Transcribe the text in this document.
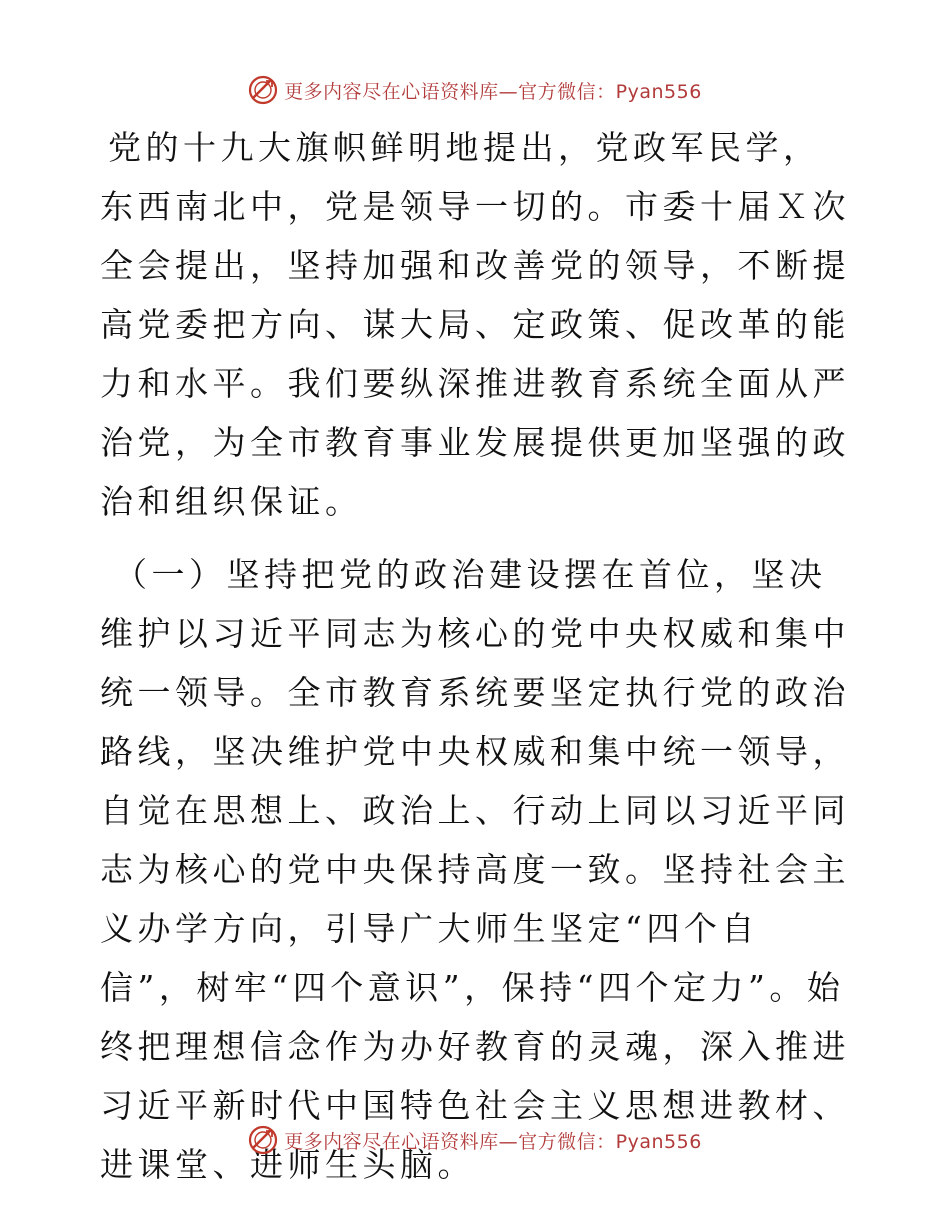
更多内容尽在心语资料库—官方微信：Pyan556

党的十九大旗帜鲜明地提出，党政军民学，东西南北中，党是领导一切的。市委十届Ｘ次全会提出，坚持加强和改善党的领导，不断提高党委把方向、谋大局、定政策、促改革的能力和水平。我们要纵深推进教育系统全面从严治党，为全市教育事业发展提供更加坚强的政治和组织保证。

（一）坚持把党的政治建设摆在首位，坚决维护以习近平同志为核心的党中央权威和集中统一领导。全市教育系统要坚定执行党的政治路线，坚决维护党中央权威和集中统一领导，自觉在思想上、政治上、行动上同以习近平同志为核心的党中央保持高度一致。坚持社会主义办学方向，引导广大师生坚定“四个自信”，树牢“四个意识”，保持“四个定力”。始终把理想信念作为办好教育的灵魂，深入推进习近平新时代中国特色社会主义思想进教材、进课堂、进师生头脑。

更多内容尽在心语资料库—官方微信：Pyan556
